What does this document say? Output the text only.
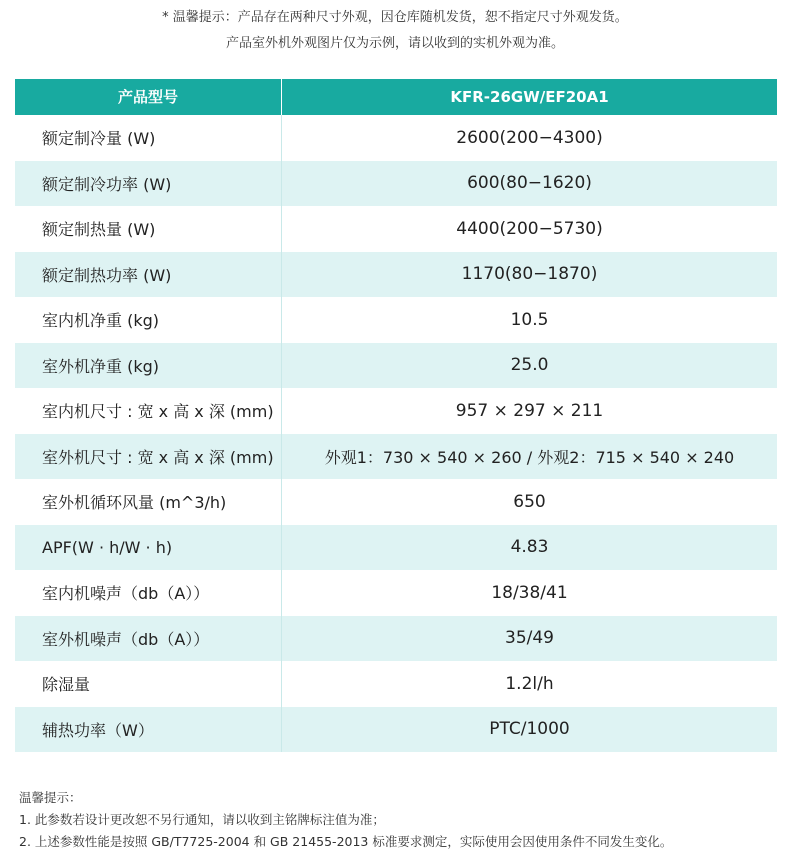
* 温馨提示：产品存在两种尺寸外观，因仓库随机发货，恕不指定尺寸外观发货。
产品室外机外观图片仅为示例，请以收到的实机外观为准。
产品型号	KFR-26GW/EF20A1
额定制冷量 (W)	2600(200−4300)
额定制冷功率 (W)	600(80−1620)
额定制热量 (W)	4400(200−5730)
额定制热功率 (W)	1170(80−1870)
室内机净重 (kg)	10.5
室外机净重 (kg)	25.0
室内机尺寸 : 宽 x 高 x 深 (mm)	957 × 297 × 211
室外机尺寸 : 宽 x 高 x 深 (mm)	外观1：730 × 540 × 260 / 外观2：715 × 540 × 240
室外机循环风量 (m^3/h)	650
APF(W · h/W · h)	4.83
室内机噪声（db（A））	18/38/41
室外机噪声（db（A））	35/49
除湿量	1.2l/h
辅热功率（W）	PTC/1000
温馨提示：
1. 此参数若设计更改恕不另行通知，请以收到主铭牌标注值为准；
2. 上述参数性能是按照 GB/T7725-2004 和 GB 21455-2013 标准要求测定，实际使用会因使用条件不同发生变化。
